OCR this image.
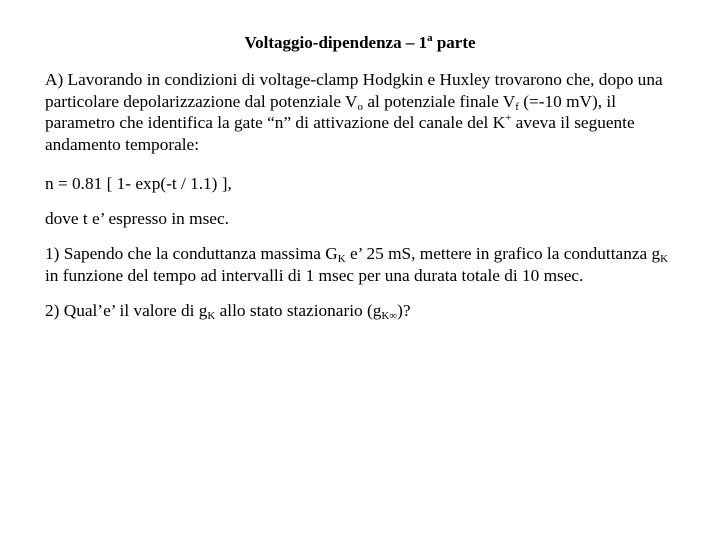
Voltaggio-dipendenza – 1$^a$ parte

A) Lavorando in condizioni di voltage-clamp Hodgkin e Huxley trovarono che, dopo una particolare depolarizzazione dal potenziale $V_o$ al potenziale finale $V_f$ (=-10 mV), il parametro che identifica la gate “n” di attivazione del canale del K+ aveva il seguente andamento temporale:

n = 0.81 [ 1- exp(-t / 1.1) ],

dove t e’ espresso in msec.

1) Sapendo che la conduttanza massima $G_K$ e’ 25 mS, mettere in grafico la conduttanza $g_K$ in funzione del tempo ad intervalli di 1 msec per una durata totale di 10 msec.

2) Qual’e’ il valore di $g_K$ allo stato stazionario $(g_{K\infty})$?
